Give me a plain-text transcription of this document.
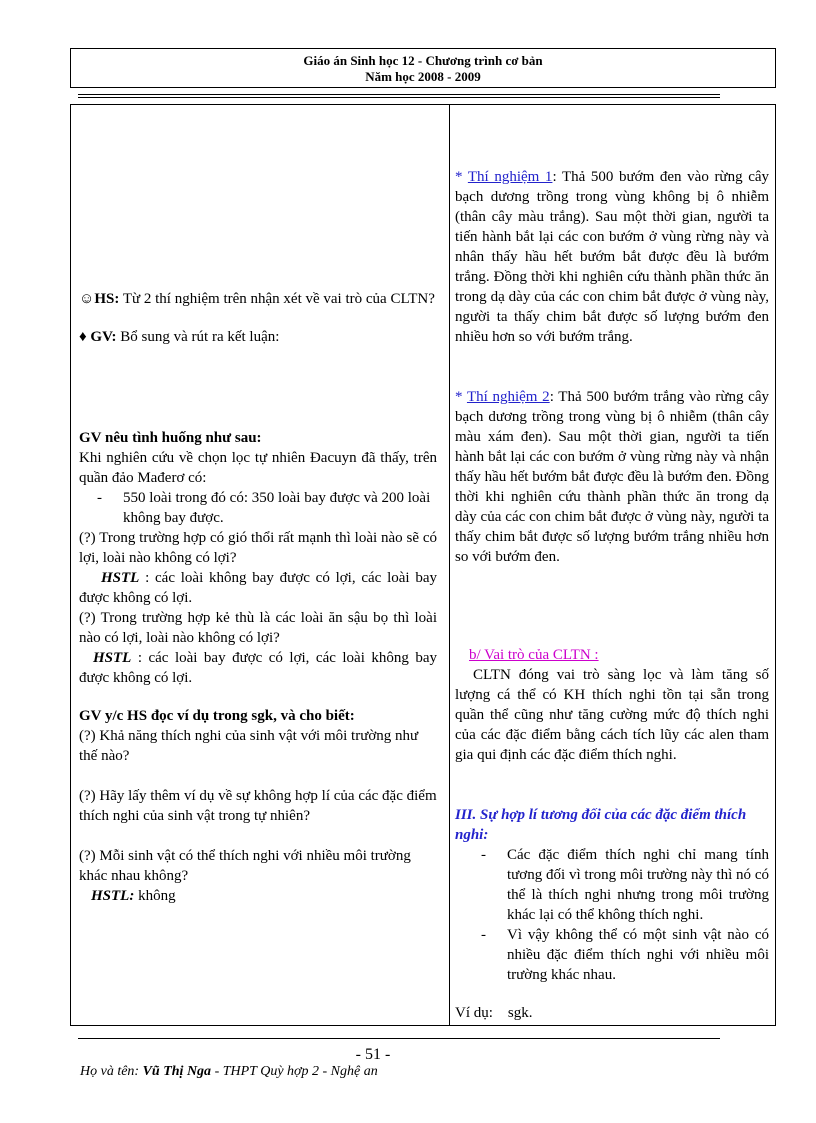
Giáo án Sinh học 12 - Chương trình cơ bản
Năm học 2008 - 2009
☺HS: Từ 2 thí nghiệm trên nhận xét về vai trò của CLTN?
♦ GV: Bổ sung và rút ra kết luận:
GV nêu tình huống như sau:
Khi nghiên cứu về chọn lọc tự nhiên Đacuyn đã thấy, trên quần đảo Mađerơ có:
-	550 loài trong đó có: 350 loài bay được và 200 loài không bay được.
(?) Trong trường hợp có gió thổi rất mạnh thì loài nào sẽ có lợi, loài nào không có lợi?
HSTL : các loài không bay được có lợi, các loài bay được không có lợi.
(?) Trong trường hợp kẻ thù là các loài ăn sậu bọ thì loài nào có lợi, loài nào không có lợi?
HSTL : các loài bay được có lợi, các loài không bay được không có lợi.
GV y/c HS đọc ví dụ trong sgk, và cho biết:
(?) Khả năng thích nghi của sinh vật với môi trường như thế nào?
(?) Hãy lấy thêm ví dụ về sự không hợp lí của các đặc điểm thích nghi của sinh vật trong tự nhiên?
(?) Mỗi sinh vật có thể thích nghi với nhiều môi trường khác nhau không?
HSTL: không
* Thí nghiệm 1: Thả 500 bướm đen vào rừng cây bạch dương trồng trong vùng không bị ô nhiễm (thân cây màu trắng). Sau một thời gian, người ta tiến hành bắt lại các con bướm ở vùng rừng này và nhân thấy hầu hết bướm bắt được đều là bướm trắng. Đồng thời khi nghiên cứu thành phần thức ăn trong dạ dày của các con chim bắt được ở vùng này, người ta thấy chim bắt được số lượng bướm đen nhiều hơn so với bướm trắng.
* Thí nghiệm 2: Thả 500 bướm trắng vào rừng cây bạch dương trồng trong vùng bị ô nhiễm (thân cây màu xám đen). Sau một thời gian, người ta tiến hành bắt lại các con bướm ở vùng rừng này và nhận thấy hầu hết bướm bắt được đều là bướm đen. Đồng thời khi nghiên cứu thành phần thức ăn trong dạ dày của các con chim bắt được ở vùng này, người ta thấy chim bắt được số lượng bướm trắng nhiều hơn so với bướm đen.
b/ Vai trò của CLTN :
CLTN đóng vai trò sàng lọc và làm tăng số lượng cá thể có KH thích nghi tồn tại sẵn trong quần thể cũng như tăng cường mức độ thích nghi của các đặc điểm bằng cách tích lũy các alen tham gia qui định các đặc điểm thích nghi.
III. Sự hợp lí tương đối của các đặc điểm thích nghi:
-	Các đặc điểm thích nghi chỉ mang tính tương đối vì trong môi trường này thì nó có thể là thích nghi nhưng trong môi trường khác lại có thể không thích nghi.
-	Vì vậy không thể có một sinh vật nào có nhiều đặc điểm thích nghi với nhiều môi trường khác nhau.
Ví dụ:    sgk.
- 51 -
Họ và tên: Vũ Thị Nga - THPT Quỳ hợp 2 - Nghệ an
